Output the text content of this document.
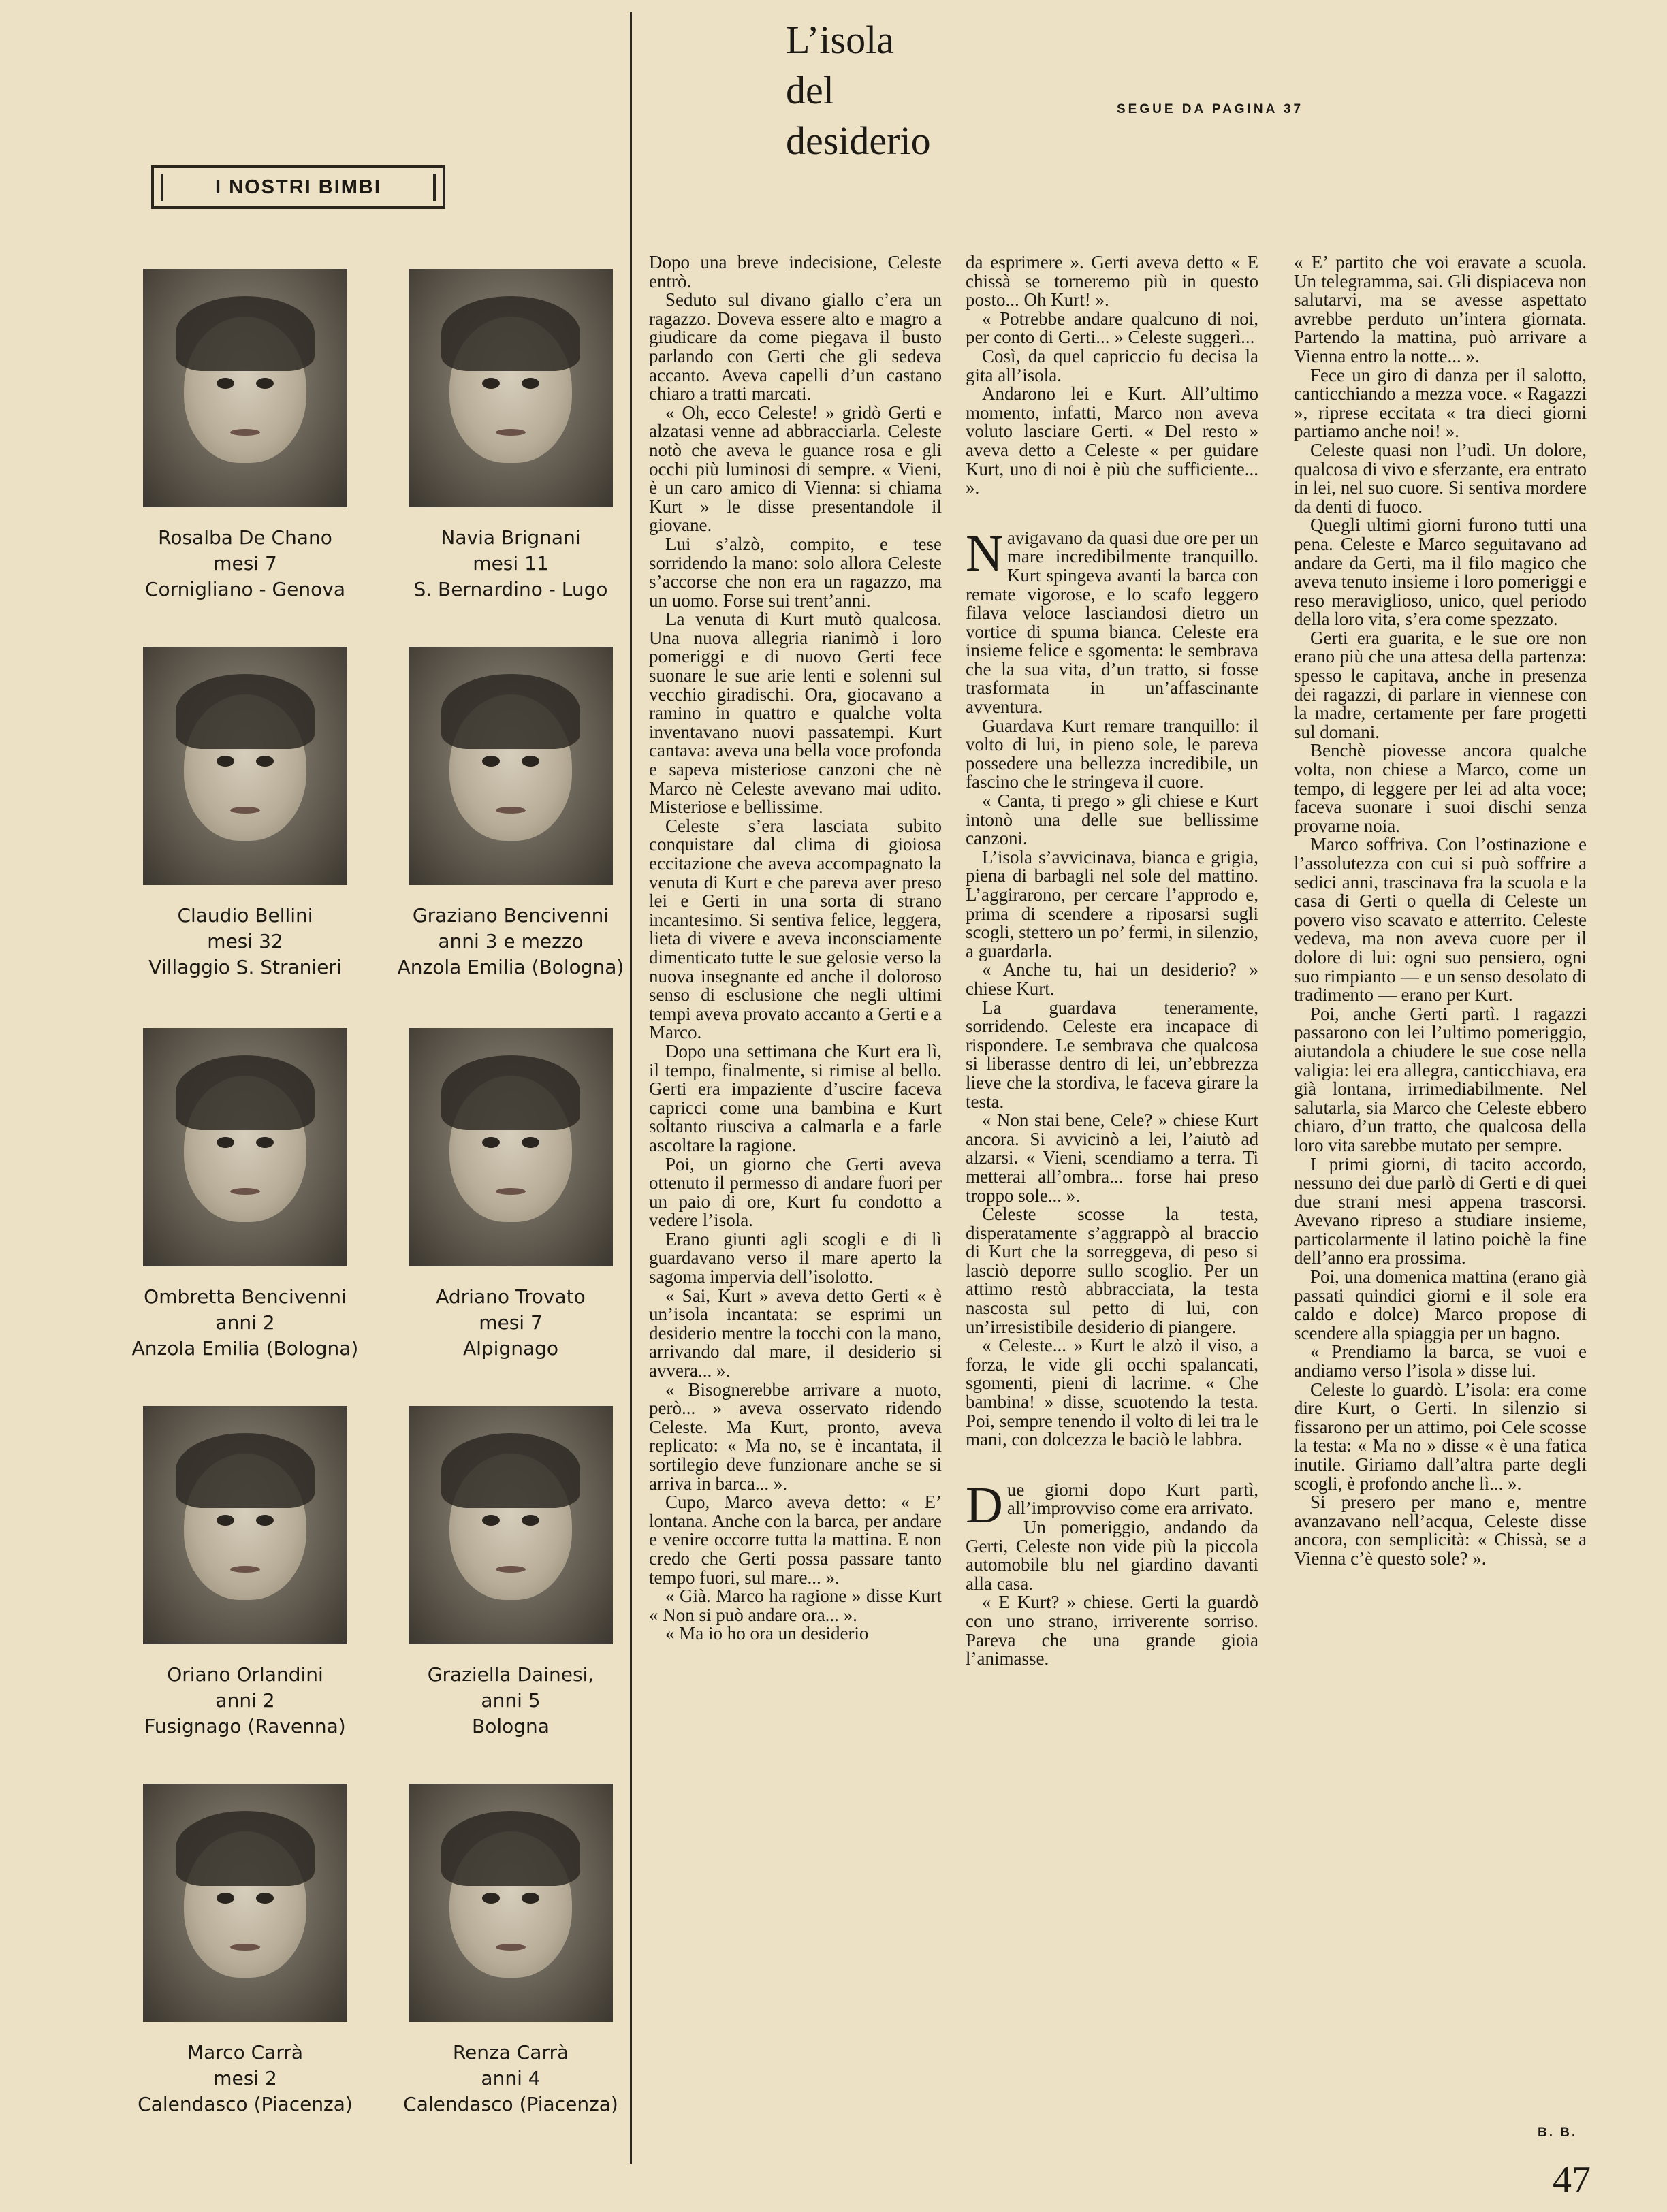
I NOSTRI BIMBI
Rosalba De Chano
mesi 7
Cornigliano - Genova
Navia Brignani
mesi 11
S. Bernardino - Lugo
Claudio Bellini
mesi 32
Villaggio S. Stranieri
Graziano Bencivenni
anni 3 e mezzo
Anzola Emilia (Bologna)
Ombretta Bencivenni
anni 2
Anzola Emilia (Bologna)
Adriano Trovato
mesi 7
Alpignago
Oriano Orlandini
anni 2
Fusignago (Ravenna)
Graziella Dainesi,
anni 5
Bologna
Marco Carrà
mesi 2
Calendasco (Piacenza)
Renza Carrà
anni 4
Calendasco (Piacenza)
L’isola
del
desiderio
SEGUE DA PAGINA 37

Dopo una breve indecisione, Celeste entrò.

Seduto sul divano giallo c’era un ragazzo. Doveva essere alto e magro a giudicare da come piegava il busto parlando con Gerti che gli sedeva accanto. Aveva capelli d’un castano chiaro a tratti marcati.

« Oh, ecco Celeste! » gridò Gerti e alzatasi venne ad abbracciarla. Celeste notò che aveva le guance rosa e gli occhi più luminosi di sempre. « Vieni, è un caro amico di Vienna: si chiama Kurt » le disse presentandole il giovane.

Lui s’alzò, compito, e tese sorridendo la mano: solo allora Celeste s’accorse che non era un ragazzo, ma un uomo. Forse sui trent’anni.

La venuta di Kurt mutò qualcosa. Una nuova allegria rianimò i loro pomeriggi e di nuovo Gerti fece suonare le sue arie lenti e solenni sul vecchio giradischi. Ora, giocavano a ramino in quattro e qualche volta inventavano nuovi passatempi. Kurt cantava: aveva una bella voce profonda e sapeva misteriose canzoni che nè Marco nè Celeste avevano mai udito. Misteriose e bellissime.

Celeste s’era lasciata subito conquistare dal clima di gioiosa eccitazione che aveva accompagnato la venuta di Kurt e che pareva aver preso lei e Gerti in una sorta di strano incantesimo. Si sentiva felice, leggera, lieta di vivere e aveva inconsciamente dimenticato tutte le sue gelosie verso la nuova insegnante ed anche il doloroso senso di esclusione che negli ultimi tempi aveva provato accanto a Gerti e a Marco.

Dopo una settimana che Kurt era lì, il tempo, finalmente, si rimise al bello. Gerti era impaziente d’uscire faceva capricci come una bambina e Kurt soltanto riusciva a calmarla e a farle ascoltare la ragione.

Poi, un giorno che Gerti aveva ottenuto il permesso di andare fuori per un paio di ore, Kurt fu condotto a vedere l’isola.

Erano giunti agli scogli e di lì guardavano verso il mare aperto la sagoma impervia dell’isolotto.

« Sai, Kurt » aveva detto Gerti « è un’isola incantata: se esprimi un desiderio mentre la tocchi con la mano, arrivando dal mare, il desiderio si avvera... ».

« Bisognerebbe arrivare a nuoto, però... » aveva osservato ridendo Celeste. Ma Kurt, pronto, aveva replicato: « Ma no, se è incantata, il sortilegio deve funzionare anche se si arriva in barca... ».

Cupo, Marco aveva detto: « E’ lontana. Anche con la barca, per andare e venire occorre tutta la mattina. E non credo che Gerti possa passare tanto tempo fuori, sul mare... ».

« Già. Marco ha ragione » disse Kurt « Non si può andare ora... ».

« Ma io ho ora un desiderio

da esprimere ». Gerti aveva detto « E chissà se torneremo più in questo posto... Oh Kurt! ».

« Potrebbe andare qualcuno di noi, per conto di Gerti... » Celeste suggerì...

Così, da quel capriccio fu decisa la gita all’isola.

Andarono lei e Kurt. All’ultimo momento, infatti, Marco non aveva voluto lasciare Gerti. « Del resto » aveva detto a Celeste « per guidare Kurt, uno di noi è più che sufficiente... ».

Navigavano da quasi due ore per un mare incredibilmente tranquillo. Kurt spingeva avanti la barca con remate vigorose, e lo scafo leggero filava veloce lasciandosi dietro un vortice di spuma bianca. Celeste era insieme felice e sgomenta: le sembrava che la sua vita, d’un tratto, si fosse trasformata in un’affascinante avventura.

Guardava Kurt remare tranquillo: il volto di lui, in pieno sole, le pareva possedere una bellezza incredibile, un fascino che le stringeva il cuore.

« Canta, ti prego » gli chiese e Kurt intonò una delle sue bellissime canzoni.

L’isola s’avvicinava, bianca e grigia, piena di barbagli nel sole del mattino. L’aggirarono, per cercare l’approdo e, prima di scendere a riposarsi sugli scogli, stettero un po’ fermi, in silenzio, a guardarla.

« Anche tu, hai un desiderio? » chiese Kurt.

La guardava teneramente, sorridendo. Celeste era incapace di rispondere. Le sembrava che qualcosa si liberasse dentro di lei, un’ebbrezza lieve che la stordiva, le faceva girare la testa.

« Non stai bene, Cele? » chiese Kurt ancora. Si avvicinò a lei, l’aiutò ad alzarsi. « Vieni, scendiamo a terra. Ti metterai all’ombra... forse hai preso troppo sole... ».

Celeste scosse la testa, disperatamente s’aggrappò al braccio di Kurt che la sorreggeva, di peso si lasciò deporre sullo scoglio. Per un attimo restò abbracciata, la testa nascosta sul petto di lui, con un’irresistibile desiderio di piangere.

« Celeste... » Kurt le alzò il viso, a forza, le vide gli occhi spalancati, sgomenti, pieni di lacrime. « Che bambina! » disse, scuotendo la testa. Poi, sempre tenendo il volto di lei tra le mani, con dolcezza le baciò le labbra.

Due giorni dopo Kurt partì, all’improvviso come era arrivato.

Un pomeriggio, andando da Gerti, Celeste non vide più la piccola automobile blu nel giardino davanti alla casa.

« E Kurt? » chiese. Gerti la guardò con uno strano, irriverente sorriso. Pareva che una grande gioia l’animasse.

« E’ partito che voi eravate a scuola. Un telegramma, sai. Gli dispiaceva non salutarvi, ma se avesse aspettato avrebbe perduto un’intera giornata. Partendo la mattina, può arrivare a Vienna entro la notte... ».

Fece un giro di danza per il salotto, canticchiando a mezza voce. « Ragazzi », riprese eccitata « tra dieci giorni partiamo anche noi! ».

Celeste quasi non l’udì. Un dolore, qualcosa di vivo e sferzante, era entrato in lei, nel suo cuore. Si sentiva mordere da denti di fuoco.

Quegli ultimi giorni furono tutti una pena. Celeste e Marco seguitavano ad andare da Gerti, ma il filo magico che aveva tenuto insieme i loro pomeriggi e reso meraviglioso, unico, quel periodo della loro vita, s’era come spezzato.

Gerti era guarita, e le sue ore non erano più che una attesa della partenza: spesso le capitava, anche in presenza dei ragazzi, di parlare in viennese con la madre, certamente per fare progetti sul domani.

Benchè piovesse ancora qualche volta, non chiese a Marco, come un tempo, di leggere per lei ad alta voce; faceva suonare i suoi dischi senza provarne noia.

Marco soffriva. Con l’ostinazione e l’assolutezza con cui si può soffrire a sedici anni, trascinava fra la scuola e la casa di Gerti o quella di Celeste un povero viso scavato e atterrito. Celeste vedeva, ma non aveva cuore per il dolore di lui: ogni suo pensiero, ogni suo rimpianto — e un senso desolato di tradimento — erano per Kurt.

Poi, anche Gerti partì. I ragazzi passarono con lei l’ultimo pomeriggio, aiutandola a chiudere le sue cose nella valigia: lei era allegra, canticchiava, era già lontana, irrimediabilmente. Nel salutarla, sia Marco che Celeste ebbero chiaro, d’un tratto, che qualcosa della loro vita sarebbe mutato per sempre.

I primi giorni, di tacito accordo, nessuno dei due parlò di Gerti e di quei due strani mesi appena trascorsi. Avevano ripreso a studiare insieme, particolarmente il latino poichè la fine dell’anno era prossima.

Poi, una domenica mattina (erano già passati quindici giorni e il sole era caldo e dolce) Marco propose di scendere alla spiaggia per un bagno.

« Prendiamo la barca, se vuoi e andiamo verso l’isola » disse lui.

Celeste lo guardò. L’isola: era come dire Kurt, o Gerti. In silenzio si fissarono per un attimo, poi Cele scosse la testa: « Ma no » disse « è una fatica inutile. Giriamo dall’altra parte degli scogli, è profondo anche lì... ».

Si presero per mano e, mentre avanzavano nell’acqua, Celeste disse ancora, con semplicità: « Chissà, se a Vienna c’è questo sole? ».

B. B.
47
